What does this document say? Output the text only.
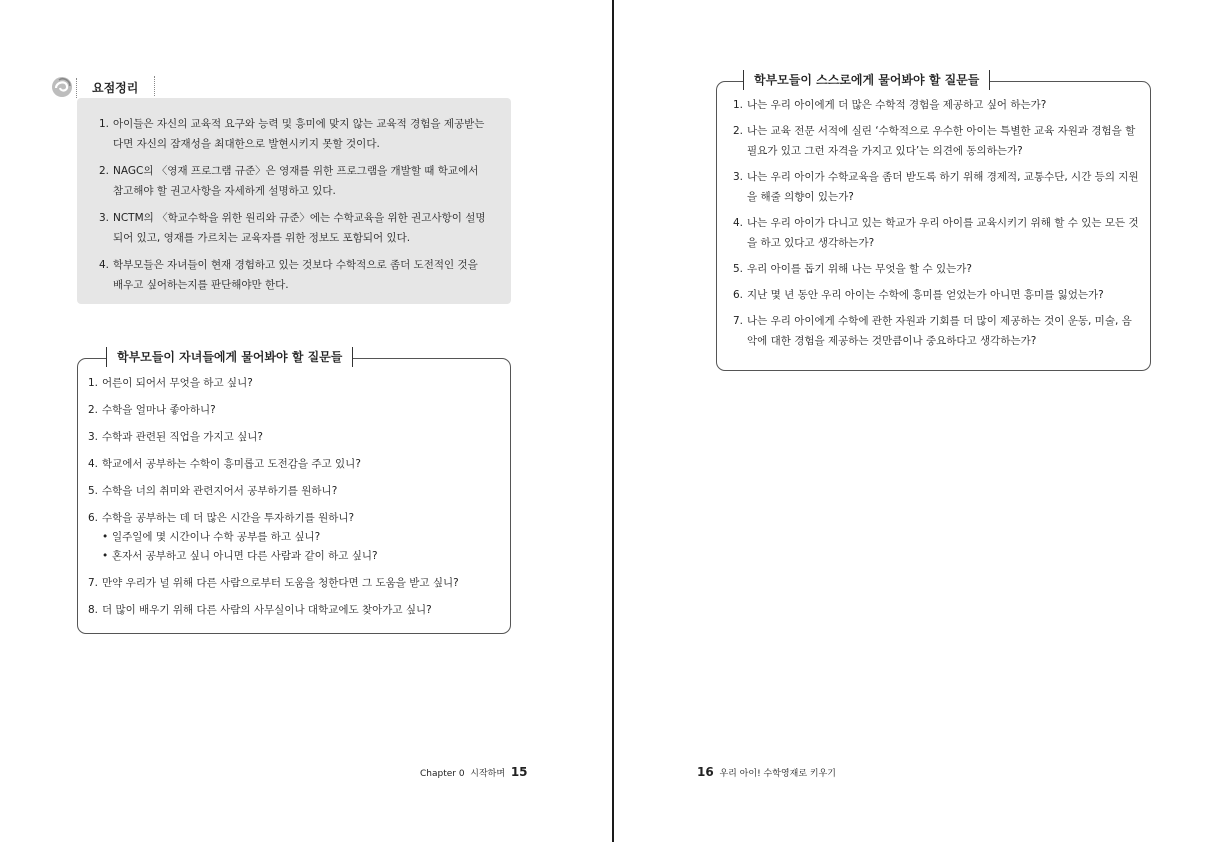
요점정리
1. 아이들은 자신의 교육적 요구와 능력 및 흥미에 맞지 않는 교육적 경험을 제공받는다면 자신의 잠재성을 최대한으로 발현시키지 못할 것이다.
2. NAGC의 〈영재 프로그램 규준〉은 영재를 위한 프로그램을 개발할 때 학교에서 참고해야 할 권고사항을 자세하게 설명하고 있다.
3. NCTM의 〈학교수학을 위한 원리와 규준〉에는 수학교육을 위한 권고사항이 설명되어 있고, 영재를 가르치는 교육자를 위한 정보도 포함되어 있다.
4. 학부모들은 자녀들이 현재 경험하고 있는 것보다 수학적으로 좀더 도전적인 것을 배우고 싶어하는지를 판단해야만 한다.
학부모들이 자녀들에게 물어봐야 할 질문들
1. 어른이 되어서 무엇을 하고 싶니?
2. 수학을 얼마나 좋아하니?
3. 수학과 관련된 직업을 가지고 싶니?
4. 학교에서 공부하는 수학이 흥미롭고 도전감을 주고 있니?
5. 수학을 너의 취미와 관련지어서 공부하기를 원하니?
6. 수학을 공부하는 데 더 많은 시간을 투자하기를 원하니?
• 일주일에 몇 시간이나 수학 공부를 하고 싶니?
• 혼자서 공부하고 싶니 아니면 다른 사람과 같이 하고 싶니?
7. 만약 우리가 널 위해 다른 사람으로부터 도움을 청한다면 그 도움을 받고 싶니?
8. 더 많이 배우기 위해 다른 사람의 사무실이나 대학교에도 찾아가고 싶니?
학부모들이 스스로에게 물어봐야 할 질문들
1. 나는 우리 아이에게 더 많은 수학적 경험을 제공하고 싶어 하는가?
2. 나는 교육 전문 서적에 실린 ‘수학적으로 우수한 아이는 특별한 교육 자원과 경험을 할 필요가 있고 그런 자격을 가지고 있다’는 의견에 동의하는가?
3. 나는 우리 아이가 수학교육을 좀더 받도록 하기 위해 경제적, 교통수단, 시간 등의 지원을 해줄 의향이 있는가?
4. 나는 우리 아이가 다니고 있는 학교가 우리 아이를 교육시키기 위해 할 수 있는 모든 것을 하고 있다고 생각하는가?
5. 우리 아이를 돕기 위해 나는 무엇을 할 수 있는가?
6. 지난 몇 년 동안 우리 아이는 수학에 흥미를 얻었는가 아니면 흥미를 잃었는가?
7. 나는 우리 아이에게 수학에 관한 자원과 기회를 더 많이 제공하는 것이 운동, 미술, 음악에 대한 경험을 제공하는 것만큼이나 중요하다고 생각하는가?
Chapter 0  시작하며 15	16 우리 아이! 수학영재로 키우기
